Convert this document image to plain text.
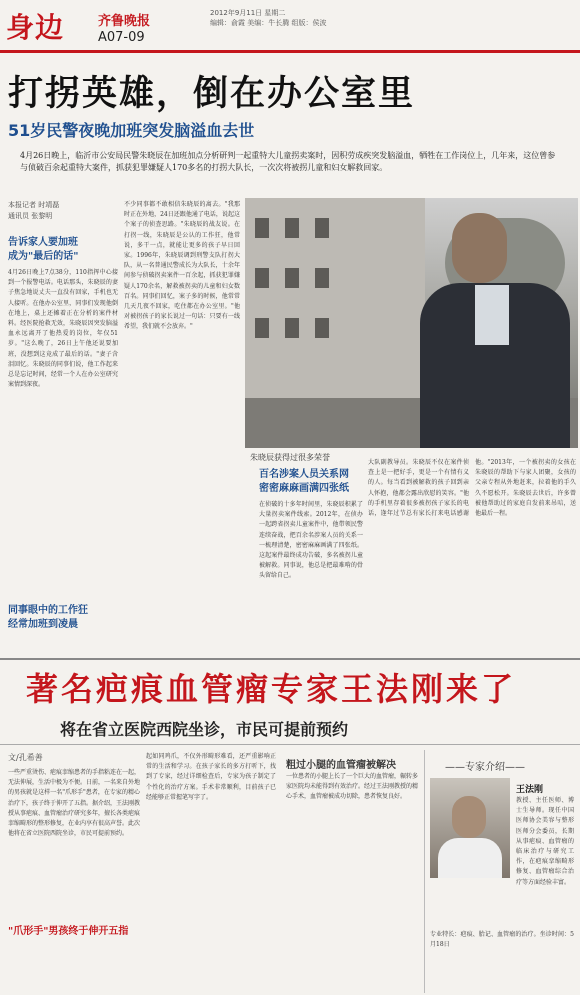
身边	齐鲁晚报
A07-09
2012年9月11日 星期二
编辑：俞霞 美编：牛长腾 组版：侯波
打拐英雄，倒在办公室里
51岁民警夜晚加班突发脑溢血去世
4月26日晚上，临沂市公安局民警朱晓辰在加班加点分析研判一起重特大儿童拐卖案时，因积劳成疾突发脑溢血，牺牲在工作岗位上，几年来，这位曾参与侦破百余起重特大案件，抓获犯罪嫌疑人170多名的打拐大队长，一次次将被拐儿童和妇女解救回家。
本报记者 时靖磊
通讯员 张黎明
告诉家人要加班
成为"最后的话"
4月26日晚上7点38分，110指挥中心接到一个报警电话。电话那头，朱晓辰的妻子焦急地说丈夫一直没有回家，手机也无人接听。在他办公室里，同事们发现他倒在地上，桌上还摊着正在分析的案件材料。经医院抢救无效，朱晓辰因突发脑溢血永远离开了他热爱的岗位，年仅51岁。"这么晚了，26日上午他还说要加班，没想到这竟成了最后的话。"妻子含泪回忆。朱晓辰的同事们说，他工作起来总是忘记时间，经常一个人在办公室研究案情到深夜。
同事眼中的工作狂
经常加班到凌晨
不少同事都不敢相信朱晓辰的离去。"我那时正在外地，24日还跟他通了电话，说起这个案子的侦查思路。"朱晓辰的战友说。在打拐一线，朱晓辰是公认的工作狂，他常说，多干一点，就能让更多的孩子早日回家。1996年，朱晓辰调到刑警支队打拐大队，从一名普通民警成长为大队长，十余年间参与侦破拐卖案件一百余起，抓获犯罪嫌疑人170余名，解救被拐卖的儿童和妇女数百名。同事们回忆，案子多的时候，他常常几天几夜不回家，吃住都在办公室里。"他对被拐孩子的家长说过一句话：只要有一线希望，我们就不会放弃。"
朱晓辰获得过很多荣誉
百名涉案人员关系网
密密麻麻画满四张纸
在侦破的十多年时间里，朱晓辰积累了大量拐卖案件线索。2012年，在侦办一起跨省拐卖儿童案件中，他带领民警连续奋战，把百余名涉案人员的关系一一梳理清楚，密密麻麻画满了四张纸。这起案件最终成功告破，多名被拐儿童被解救。同事说，他总是把最难啃的骨头留给自己。
大队副教导员。朱晓辰不仅在案件侦查上是一把好手，更是一个有情有义的人。每当看到被解救的孩子回到亲人怀抱，他都会露出欣慰的笑容。"他的手机里存着很多被拐孩子家长的电话，逢年过节总有家长打来电话感谢他。"2013年，一个被拐卖的女孩在朱晓辰的帮助下与家人团聚，女孩的父亲专程从外地赶来，拉着他的手久久不愿松开。朱晓辰去世后，许多曾被他帮助过的家庭自发前来吊唁，送他最后一程。
著名疤痕血管瘤专家王法刚来了
将在省立医院西院坐诊，市民可提前预约
文/孔希善
一些严重烫伤、疤痕挛缩患者的手指粘连在一起，无法伸展，生活中极为不便。日前，一名来自外地的男孩就是这样一名"爪形手"患者，在专家的精心治疗下，孩子终于伸开了五指。据介绍，王法刚教授从事疤痕、血管瘤治疗研究多年，擅长各类疤痕挛缩畸形的整形修复，在业内享有很高声誉。此次他将在省立医院西院坐诊，市民可提前预约。
"爪形手"男孩终于伸开五指
起如同鸡爪，不仅外形畸形难看，还严重影响正常的生活和学习。在孩子家长的多方打听下，找到了专家，经过详细检查后，专家为孩子制定了个性化的治疗方案。手术非常顺利，目前孩子已经能够正常握笔写字了。
粗过小腿的血管瘤被解决
一位患者的小腿上长了一个巨大的血管瘤，辗转多家医院均未能得到有效治疗。经过王法刚教授的精心手术，血管瘤被成功切除，患者恢复良好。
——专家介绍——
王法刚
教授、主任医师、博士生导师。现任中国医师协会美容与整形医师分会委员，长期从事疤痕、血管瘤的临床治疗与研究工作，在疤痕挛缩畸形修复、血管瘤综合治疗等方面经验丰富。
专业特长：疤痕、胎记、血管瘤的治疗。坐诊时间：5月18日
